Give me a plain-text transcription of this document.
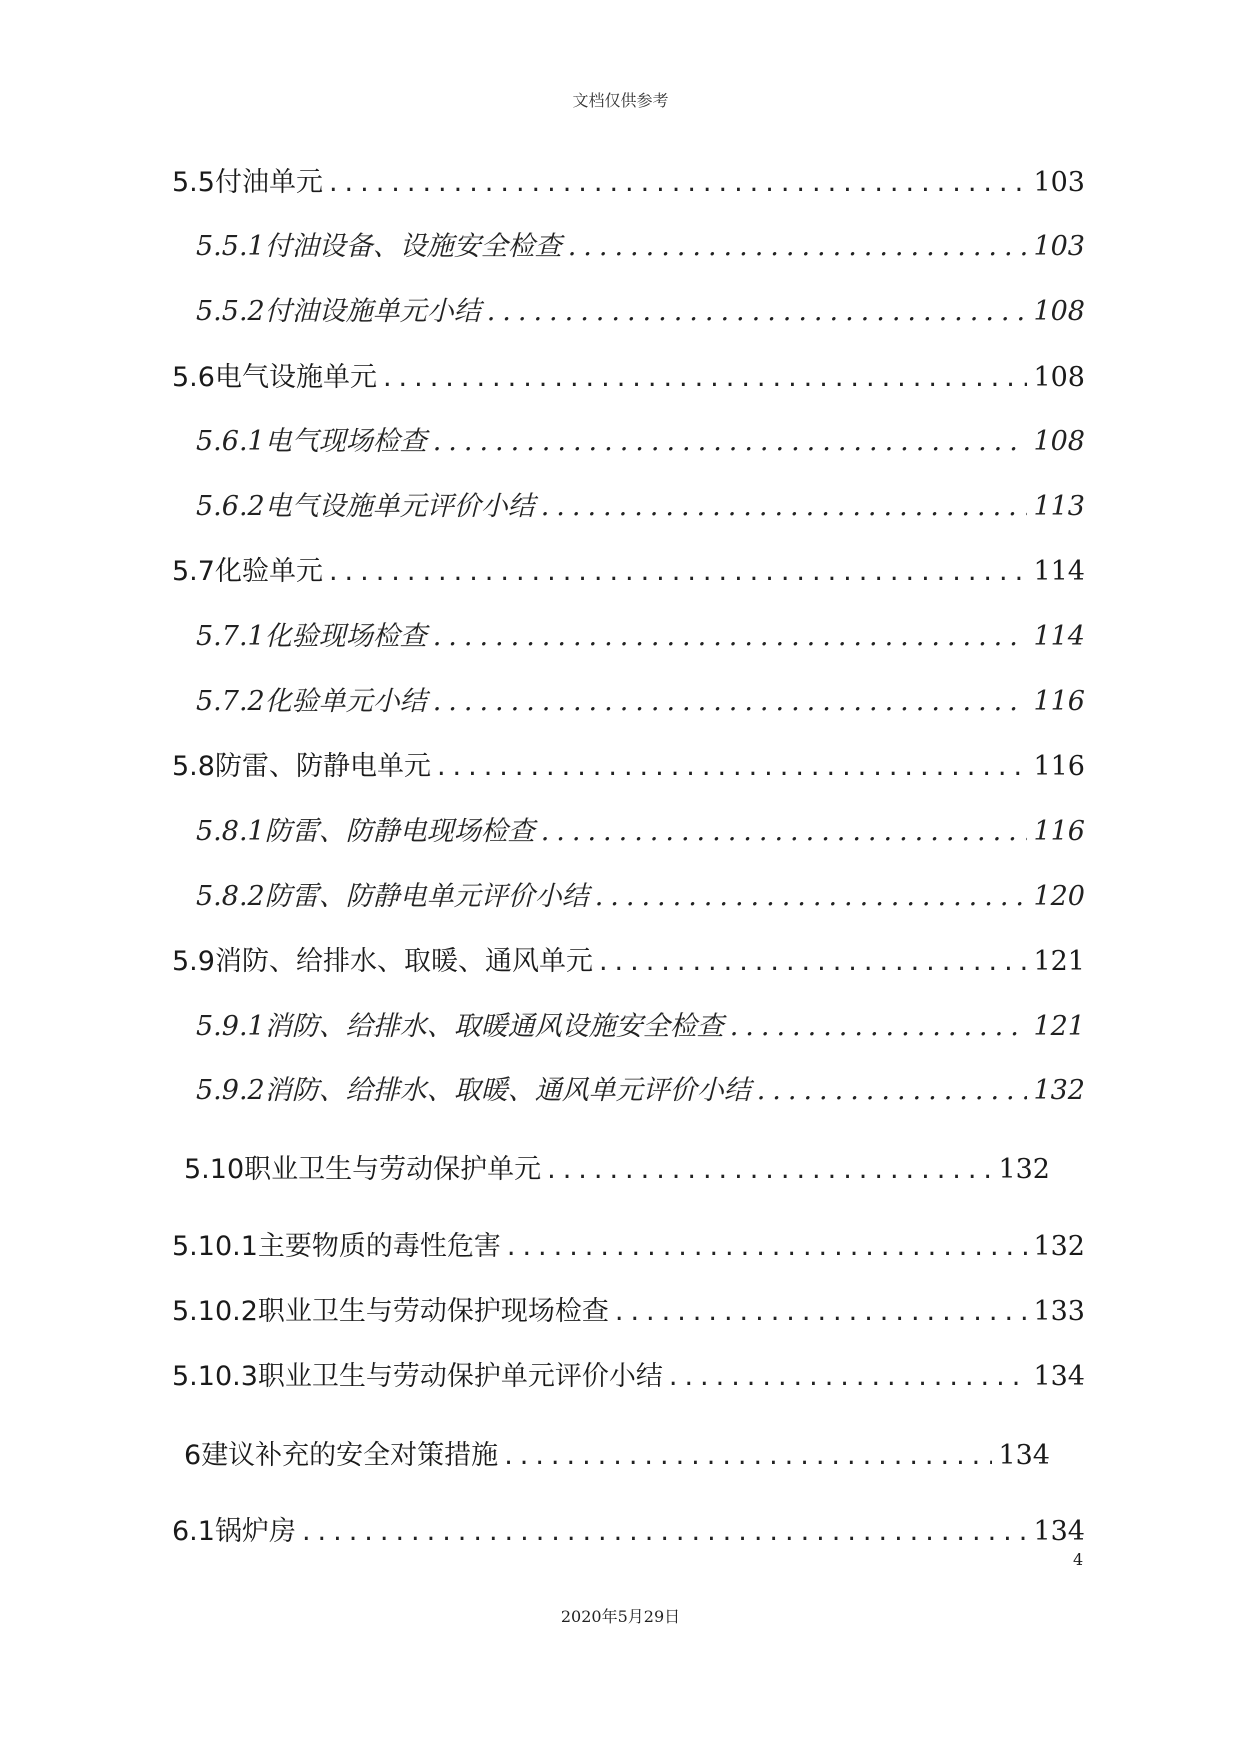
文档仅供参考
5.5 付油单元 .....	103
5.5.1 付油设备、设施安全检查 .....	103
5.5.2 付油设施单元小结 .....	108
5.6 电气设施单元 .....	108
5.6.1 电气现场检查 .....	108
5.6.2 电气设施单元评价小结 .....	113
5.7 化验单元 .....	114
5.7.1 化验现场检查 .....	114
5.7.2 化验单元小结 .....	116
5.8 防雷、防静电单元 .....	116
5.8.1 防雷、防静电现场检查 .....	116
5.8.2 防雷、防静电单元评价小结 .....	120
5.9 消防、给排水、取暖、通风单元 .....	121
5.9.1 消防、给排水、取暖通风设施安全检查 .....	121
5.9.2 消防、给排水、取暖、通风单元评价小结 .....	132
5.10 职业卫生与劳动保护单元 .....	132
5.10.1 主要物质的毒性危害 .....	132
5.10.2 职业卫生与劳动保护现场检查 .....	133
5.10.3 职业卫生与劳动保护单元评价小结 .....	134
6 建议补充的安全对策措施 .....	134
6.1 锅炉房 .....	134
4
2020年5月29日
